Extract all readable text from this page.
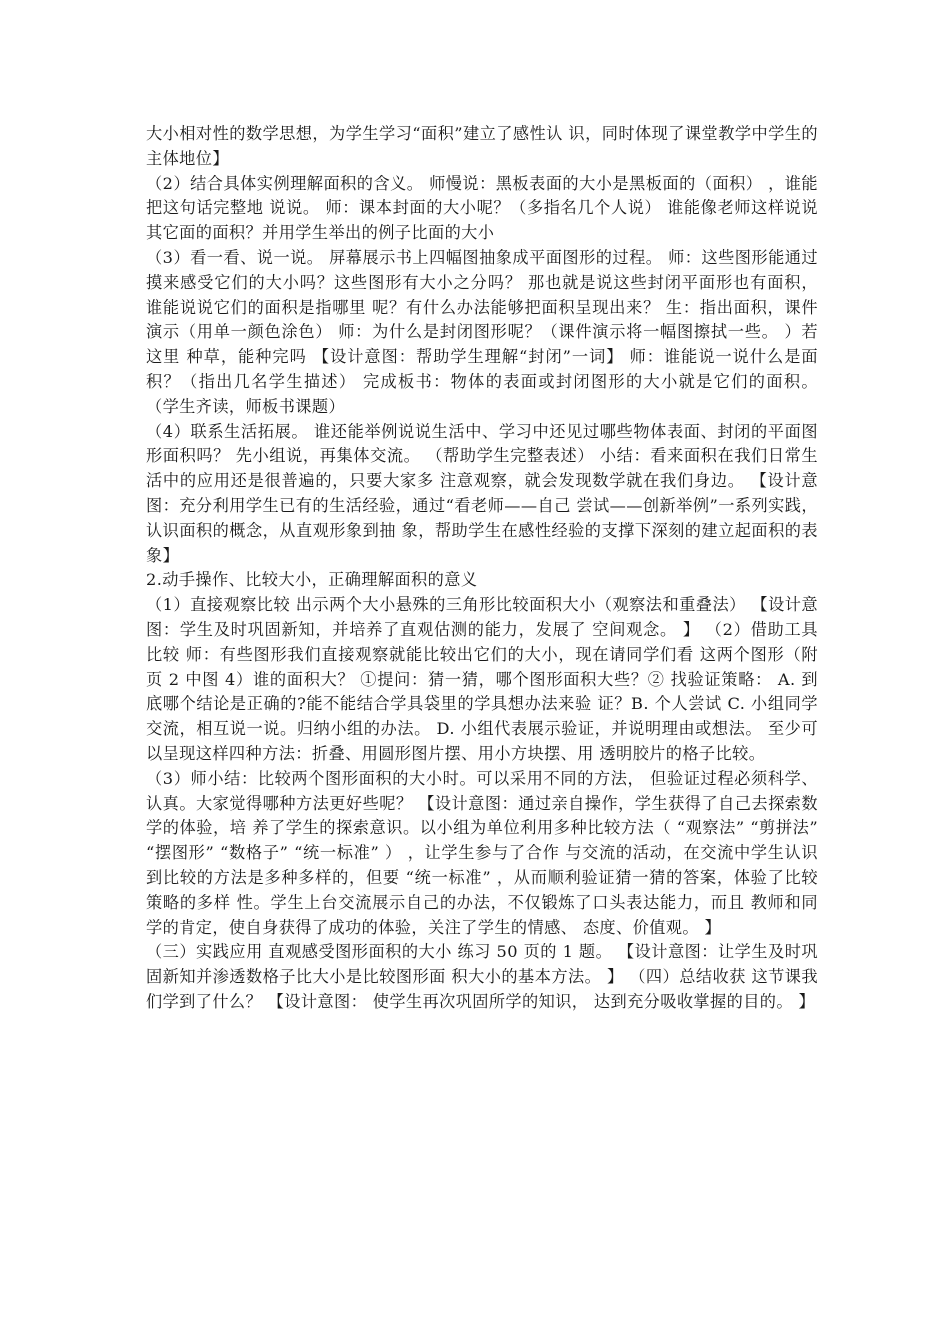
大小相对性的数学思想，为学生学习“面积”建立了感性认 识，同时体现了课堂教学中学生的主体地位】

（2）结合具体实例理解面积的含义。 师慢说：黑板表面的大小是黑板面的（面积） ，谁能把这句话完整地 说说。 师：课本封面的大小呢？（多指名几个人说） 谁能像老师这样说说其它面的面积？并用学生举出的例子比面的大小

（3）看一看、说一说。 屏幕展示书上四幅图抽象成平面图形的过程。 师：这些图形能通过摸来感受它们的大小吗？这些图形有大小之分吗？ 那也就是说这些封闭平面形也有面积， 谁能说说它们的面积是指哪里 呢？有什么办法能够把面积呈现出来？ 生：指出面积，课件演示（用单一颜色涂色） 师：为什么是封闭图形呢？（课件演示将一幅图擦拭一些。 ）若这里 种草，能种完吗 【设计意图：帮助学生理解“封闭”一词】 师：谁能说一说什么是面积？（指出几名学生描述） 完成板书：物体的表面或封闭图形的大小就是它们的面积。 （学生齐读，师板书课题）

（4）联系生活拓展。 谁还能举例说说生活中、学习中还见过哪些物体表面、封闭的平面图 形面积吗？ 先小组说，再集体交流。 （帮助学生完整表述） 小结：看来面积在我们日常生活中的应用还是很普遍的，只要大家多 注意观察，就会发现数学就在我们身边。 【设计意图：充分利用学生已有的生活经验，通过“看老师——自己 尝试——创新举例”一系列实践，认识面积的概念，从直观形象到抽 象，帮助学生在感性经验的支撑下深刻的建立起面积的表象】

2.动手操作、比较大小，正确理解面积的意义

（1）直接观察比较 出示两个大小悬殊的三角形比较面积大小（观察法和重叠法） 【设计意图：学生及时巩固新知，并培养了直观估测的能力，发展了 空间观念。 】 （2）借助工具比较 师：有些图形我们直接观察就能比较出它们的大小，现在请同学们看 这两个图形（附页 2 中图 4）谁的面积大？ ①提问：猜一猜，哪个图形面积大些？② 找验证策略： A. 到底哪个结论是正确的?能不能结合学具袋里的学具想办法来验 证？B. 个人尝试 C. 小组同学交流，相互说一说。归纳小组的办法。 D. 小组代表展示验证，并说明理由或想法。 至少可以呈现这样四种方法：折叠、用圆形图片摆、用小方块摆、用 透明胶片的格子比较。

（3）师小结：比较两个图形面积的大小时。可以采用不同的方法， 但验证过程必须科学、认真。大家觉得哪种方法更好些呢？ 【设计意图：通过亲自操作，学生获得了自己去探索数学的体验，培 养了学生的探索意识。以小组为单位利用多种比较方法（ “观察法” “剪拼法” “摆图形” “数格子” “统一标准” ） ，让学生参与了合作 与交流的活动，在交流中学生认识到比较的方法是多种多样的，但要 “统一标准” ，从而顺利验证猜一猜的答案，体验了比较策略的多样 性。学生上台交流展示自己的办法，不仅锻炼了口头表达能力，而且 教师和同学的肯定，使自身获得了成功的体验，关注了学生的情感、 态度、价值观。 】

（三）实践应用 直观感受图形面积的大小 练习 50 页的 1 题。 【设计意图：让学生及时巩固新知并渗透数格子比大小是比较图形面 积大小的基本方法。 】 （四）总结收获 这节课我们学到了什么？ 【设计意图： 使学生再次巩固所学的知识， 达到充分吸收掌握的目的。 】
